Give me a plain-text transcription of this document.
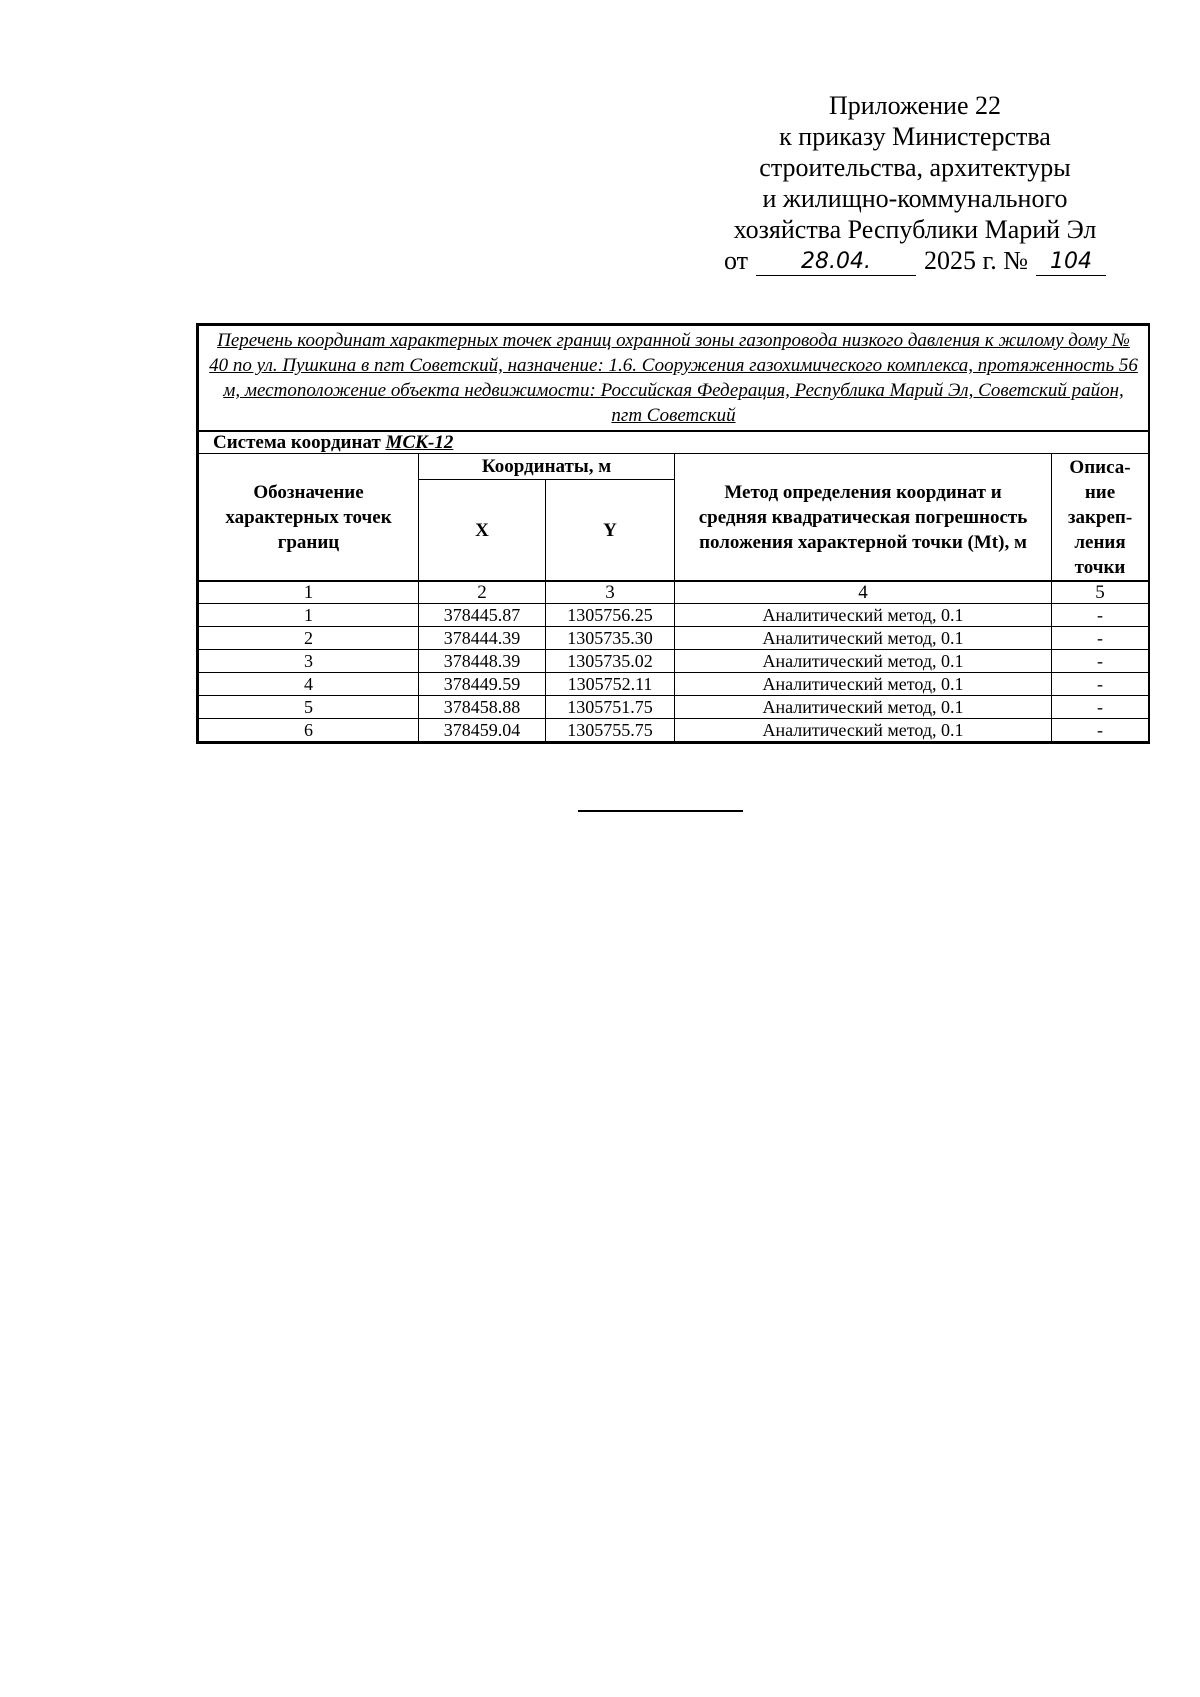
Приложение 22
к приказу Министерства
строительства, архитектуры
и жилищно-коммунального
хозяйства Республики Марий Эл
от	28.04.	2025 г. №	104
Перечень координат характерных точек границ охранной зоны газопровода низкого давления к жилому дому № 40 по ул. Пушкина в пгт Советский, назначение: 1.6. Сооружения газохимического комплекса, протяженность 56 м, местоположение объекта недвижимости: Российская Федерация, Республика Марий Эл, Советский район, пгт Советский				
Система координат МСК-12				
Обозначение характерных точек границ	Координаты, м		Метод определения координат и средняя квадратическая погрешность положения характерной точки (Mt), м	Описа- ние закреп- ления точки
	X	Y		
1	2	3	4	5
1	378445.87	1305756.25	Аналитический метод, 0.1	-
2	378444.39	1305735.30	Аналитический метод, 0.1	-
3	378448.39	1305735.02	Аналитический метод, 0.1	-
4	378449.59	1305752.11	Аналитический метод, 0.1	-
5	378458.88	1305751.75	Аналитический метод, 0.1	-
6	378459.04	1305755.75	Аналитический метод, 0.1	-
